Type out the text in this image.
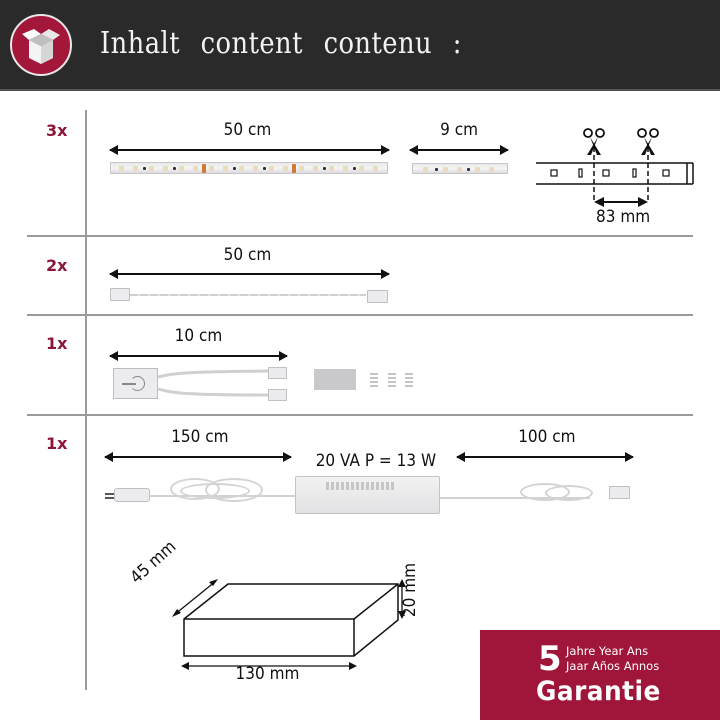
Inhalt content contenu :
3x	50 cm	9 cm
83 mm
2x
50 cm
1x	10 cm
1x	150 cm
20 VA P = 13 W
100 cm
45 mm
20 mm
130 mm	5 Jahre Year Ans
Jaar Años Annos
Garantie
